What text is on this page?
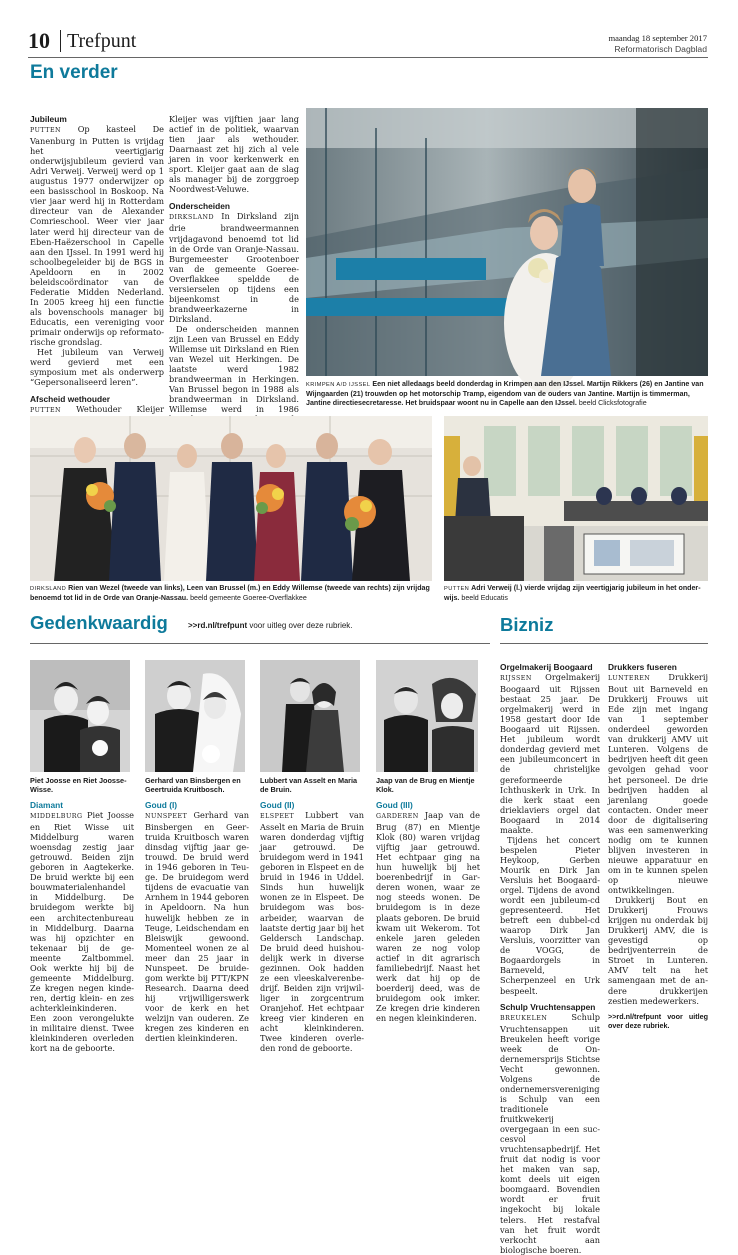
10 Trefpunt	maandag 18 september 2017
Reformatorisch Dagblad
En verder
Jubileum

PUTTEN Op kasteel De Vanenburg in Putten is vrijdag het veertigjarig onderwijsjubileum gevierd van Adri Verweij. Verweij werd op 1 augustus 1977 onderwijzer op een basisschool in Boskoop. Na vier jaar werd hij in Rotterdam directeur van de Alexander Comrieschool. Weer vier jaar later werd hij directeur van de Eben-Haëzerschool in Capelle aan den IJssel. In 1991 werd hij schoolbegeleider bij de BGS in Apeldoorn en in 2002 beleidscoördinator van de Federatie Midden Nederland. In 2005 kreeg hij een functie als bovenschools manager bij Educatis, een vereniging voor primair onderwijs op reformatorische grondslag.

Het jubileum van Verweij werd gevierd met een symposium met als onderwerp “Gepersonaliseerd leren”.

Afscheid wethouder

PUTTEN Wethouder Kleijer

Kleijer was vijftien jaar lang actief in de politiek, waarvan tien jaar als wethouder. Daarnaast zet hij zich al vele jaren in voor kerkenwerk en sport. Kleijer gaat aan de slag als manager bij de zorggroep Noordwest-Veluwe.

Onderscheiden

DIRKSLAND In Dirksland zijn drie brandweermannen vrijdagavond benoemd tot lid in de Orde van Oranje-Nassau. Burgemeester Grootenboer van de gemeente Goeree-Overflakkee speldde de versierselen op tijdens een bijeenkomst in de brandweerkazerne in Dirksland.

De onderscheiden mannen zijn Leen van Brussel en Eddy Willemse uit Dirksland en Rien van Wezel uit Herkingen. De laatste werd 1982 brandweerman in Herkingen. Van Brussel begon in 1988 als brandweerman in Dirksland. Willemse werd in 1986

KRIMPEN A/D IJSSEL Een niet alledaags beeld donderdag in Krimpen aan den IJssel. Martijn Rikkers (26) en Jantine van Wijngaarden (21) trouwden op het motorschip Tramp, eigendom van de ouders van Jantine. Martijn is timmerman, Jantine directiesecretaresse. Het bruidspaar woont nu in Capelle aan den IJssel. beeld Clicksfotografie
DIRKSLAND Rien van Wezel (tweede van links), Leen van Brussel (m.) en Eddy Willemse (tweede van rechts) zijn vrijdag benoemd tot lid in de Orde van Oranje-Nassau. beeld gemeente Goeree-Overflakkee
PUTTEN Adri Verweij (l.) vierde vrijdag zijn veertigjarig jubileum in het onderwijs. beeld Educatis
Gedenkwaardig	>>rd.nl/trefpunt voor uitleg over deze rubriek.	Bizniz
Piet Joosse en Riet Joosse-Wisse.
Gerhard van Binsbergen en Geertruida Kruitbosch.
Lubbert van Asselt en Maria de Bruin.
Jaap van de Brug en Mientje Klok.
Diamant

MIDDELBURG Piet Joosse en Riet Wisse uit Middelburg waren woensdag zestig jaar getrouwd. Beiden zijn geboren in Aagtekerke. De bruid werkte bij een bouwmaterialenhandel in Middelburg. De bruidegom werkte bij een architectenbureau in Middelburg. Daarna was hij opzichter en tekenaar bij de gemeente Zaltbommel. Ook werkte hij bij de gemeente Middelburg. Ze kregen negen kinderen, dertig klein- en zes achterkleinkinderen. Een zoon verongelukte in militaire dienst. Twee kleinkinderen overleden kort na de geboorte.

Goud (I)

NUNSPEET Gerhard van Binsbergen en Geertruida Kruitbosch waren dinsdag vijftig jaar getrouwd. De bruid werd in 1946 geboren in Teuge. De bruidegom werd tijdens de evacuatie van Arnhem in 1944 geboren in Apeldoorn. Na hun huwelijk hebben ze in Teuge, Leidschendam en Bleiswijk gewoond. Momenteel wonen ze al meer dan 25 jaar in Nunspeet. De bruidegom werkte bij PTT/KPN Research. Daarna deed hij vrijwilligerswerk voor de kerk en het welzijn van ouderen. Ze kregen zes kinderen en dertien kleinkinderen.

Goud (II)

ELSPEET Lubbert van Asselt en Maria de Bruin waren donderdag vijftig jaar getrouwd. De bruidegom werd in 1941 geboren in Elspeet en de bruid in 1946 in Uddel. Sinds hun huwelijk wonen ze in Elspeet. De bruidegom was bosarbeider, waarvan de laatste dertig jaar bij het Geldersch Landschap. De bruid deed huishoudelijk werk in diverse gezinnen. Ook hadden ze een vleeskalverenbedrijf. Beiden zijn vrijwilliger in zorgcentrum Oranjehof. Het echtpaar kreeg vier kinderen en acht kleinkinderen. Twee kinderen overleden rond de geboorte.

Goud (III)

GARDEREN Jaap van de Brug (87) en Mientje Klok (80) waren vrijdag vijftig jaar getrouwd. Het echtpaar ging na hun huwelijk bij het boerenbedrijf in Garderen wonen, waar ze nog steeds wonen. De bruidegom is in deze plaats geboren. De bruid kwam uit Wekerom. Tot enkele jaren geleden waren ze nog volop actief in dit agrarisch familiebedrijf. Naast het werk dat hij op de boerderij deed, was de bruidegom ook imker. Ze kregen drie kinderen en negen kleinkinderen.

Orgelmakerij Boogaard

RIJSSEN Orgelmakerij Boogaard uit Rijssen bestaat 25 jaar. De orgelmakerij werd in 1958 gestart door Ide Boogaard uit Rijssen. Het jubileum wordt donderdag gevierd met een jubileumconcert in de christelijke gereformeerde Ichthuskerk in Urk. In die kerk staat een drieklaviers orgel dat Boogaard in 2014 maakte.

Tijdens het concert bespelen Pieter Heykoop, Gerben Mourik en Dirk Jan Versluis het Boogaardorgel. Tijdens de avond wordt een jubileum-cd gepresenteerd. Het betreft een dubbel-cd waarop Dirk Jan Versluis, voorzitter van de VOGG, de Bogaardorgels in Barneveld, Scherpenzeel en Urk bespeelt.

Schulp Vruchtensappen

BREUKELEN	Schulp Vruchtensappen uit Breukelen heeft vorige week de Ondernemersprijs Stichtse Vecht gewonnen. Volgens de ondernemersvereniging is Schulp van een traditionele fruitkwekerij overgegaan in een succesvol vruchtensapbedrijf. Het fruit dat nodig is voor het maken van sap, komt deels uit eigen boomgaard. Bovendien wordt er fruit ingekocht bij lokale telers. Het restafval van het fruit wordt verkocht aan biologische boeren.

Drukkers fuseren

LUNTEREN Drukkerij Bout uit Barneveld en Drukkerij Frouws uit Ede zijn met ingang van 1 september onderdeel geworden van drukkerij AMV uit Lunteren. Volgens de bedrijven heeft dit geen gevolgen gehad voor het personeel. De drie bedrijven hadden al jarenlang goede contacten. Onder meer door de digitalisering was een samenwerking nodig om te kunnen blijven investeren in nieuwe apparatuur en om in te kunnen spelen op nieuwe ontwikkelingen.

Drukkerij Bout en Drukkerij Frouws krijgen nu onderdak bij Drukkerij AMV, die is gevestigd op bedrijventerrein de Stroet in Lunteren. AMV telt na het samengaan met de andere drukkerijen zestien medewerkers.

>>rd.nl/trefpunt voor uitleg over deze rubriek.
